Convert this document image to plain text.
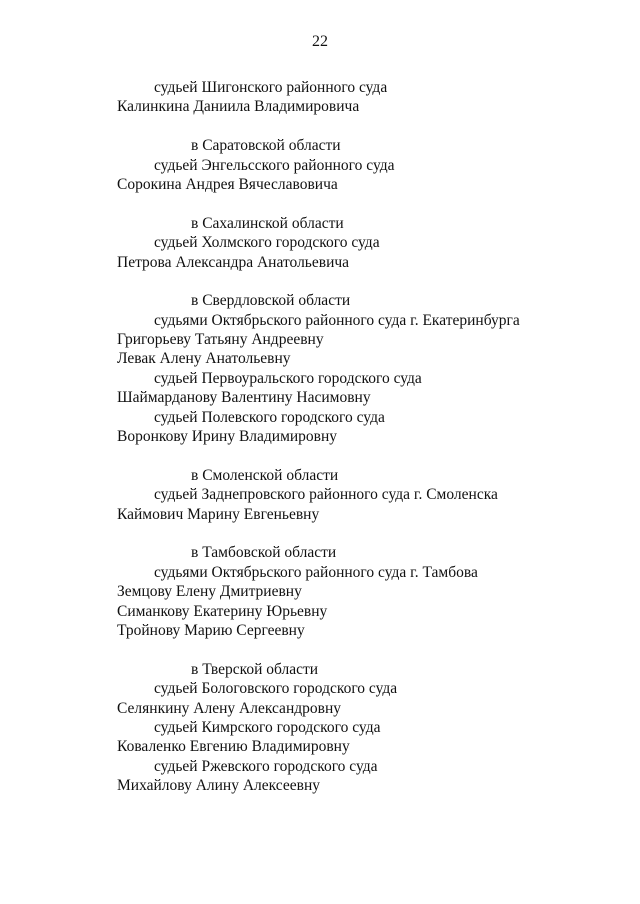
22
судьей Шигонского районного суда
Калинкина Даниила Владимировича
в Саратовской области
судьей Энгельсского районного суда
Сорокина Андрея Вячеславовича
в Сахалинской области
судьей Холмского городского суда
Петрова Александра Анатольевича
в Свердловской области
судьями Октябрьского районного суда г. Екатеринбурга
Григорьеву Татьяну Андреевну
Левак Алену Анатольевну
судьей Первоуральского городского суда
Шаймарданову Валентину Насимовну
судьей Полевского городского суда
Воронкову Ирину Владимировну
в Смоленской области
судьей Заднепровского районного суда г. Смоленска
Каймович Марину Евгеньевну
в Тамбовской области
судьями Октябрьского районного суда г. Тамбова
Земцову Елену Дмитриевну
Симанкову Екатерину Юрьевну
Тройнову Марию Сергеевну
в Тверской области
судьей Бологовского городского суда
Селянкину Алену Александровну
судьей Кимрского городского суда
Коваленко Евгению Владимировну
судьей Ржевского городского суда
Михайлову Алину Алексеевну
